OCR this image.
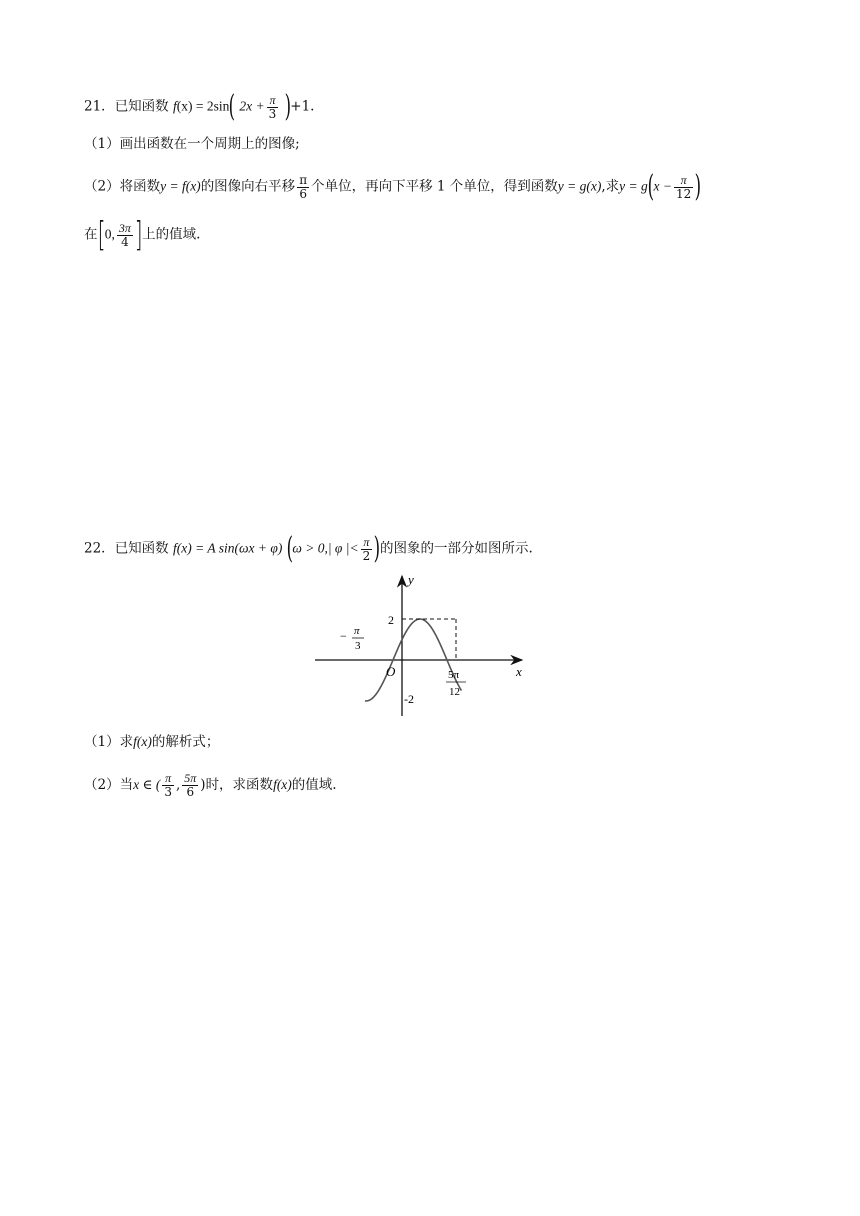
21．已知函数 f(x) = 2sin( $2x + \frac{\pi}{3} )+1$.
（1）画出函数在一个周期上的图像;
（2）将函数y = f(x)的图像向右平移 $\frac{\pi}{6}$ 个单位，再向下平移 1 个单位，得到函数y = g(x),求$y = g(x - \frac{\pi}{12}$ )
在[0, $\frac{3\pi}{4}$ ]上的值域.
22．已知函数 f(x) = A sin(ωx + φ) (ω > 0,| φ |< $\frac{\pi}{2}$ )的图象的一部分如图所示.
y
x
O
2
-2
− π
3
5π
12
（1）求f(x)的解析式；
（2）当x ∈ ( $\frac{\pi}{3}$ , $\frac{5\pi}{6}$ )时，求函数f(x)的值域.
